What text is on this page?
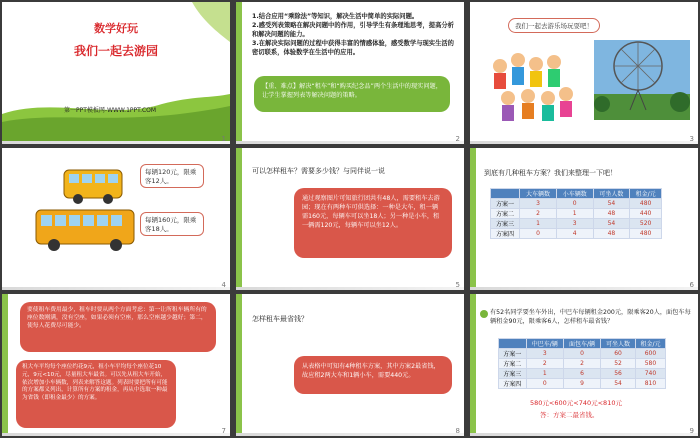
数学好玩
我们一起去游园
第一PPT模板网-WWW.1PPT.COM
1
1.结合应用“乘除法”等知识，解决生活中简单的实际问题。
2.感受列表策略在解决问题中的作用，引导学生有条理地思考，提高分析和解决问题的能力。
3.在解决实际问题的过程中获得丰富的情感体验，感受数学与现实生活的密切联系，体验数学在生活中的应用。
【重、难点】解决“租车”和“购买纪念品”两个生活中的现实问题，让学生掌握列表等解决问题的策略。
2
我们一起去游乐场玩耍吧！
3
每辆120元，限乘客12人。
每辆160元，限乘客18人。
4
可以怎样租车？需要多少钱？与同伴说一说
通过观察图片可知旅行团共有48人，需要租车去游园；现在有两种车可供选择：一种是大车，租一辆需160元，每辆车可以坐18人；另一种是小车，租一辆需120元，每辆车可以坐12人。
5
到底有几种租车方案？我们来整理一下吧！
	大车辆数	小车辆数	可坐人数	租金/元
方案一	3	0	54	480
方案二	2	1	48	440
方案三	1	3	54	520
方案四	0	4	48	480
6
要使租车费用最少，租车时要从两个方面考虑：第一让所租车辆所有的座位数刚满，没有空座，如果必须有空座，那么空座越少越好；第二，使每人花费尽可能少。
租大车平均每个座位约花9元，租小车平均每个座位花10元，9元<10元，尽量租大车最省。可以先从租大车开始，依次增加小车辆数，列表来解答这题。列表时要把所有可能的方案都义列出，计算所有方案的租金，再从中选取一种最为省钱（即租金最少）的方案。
7
怎样租车最省钱？
从表格中可知有4种租车方案，其中方案2最省钱，故应租2两大车和1辆小车，需要440元。
8
有52名同学要坐车外出，中巴车每辆租金200元，限乘客20人，面包车每辆租金90元，限乘客6人，怎样租车最省钱？
	中巴车/辆	面包车/辆	可坐人数	租金/元
方案一	3	0	60	600
方案二	2	2	52	580
方案三	1	6	56	740
方案四	0	9	54	810
580元<600元<740元<810元
答：方案二最省钱。
9
